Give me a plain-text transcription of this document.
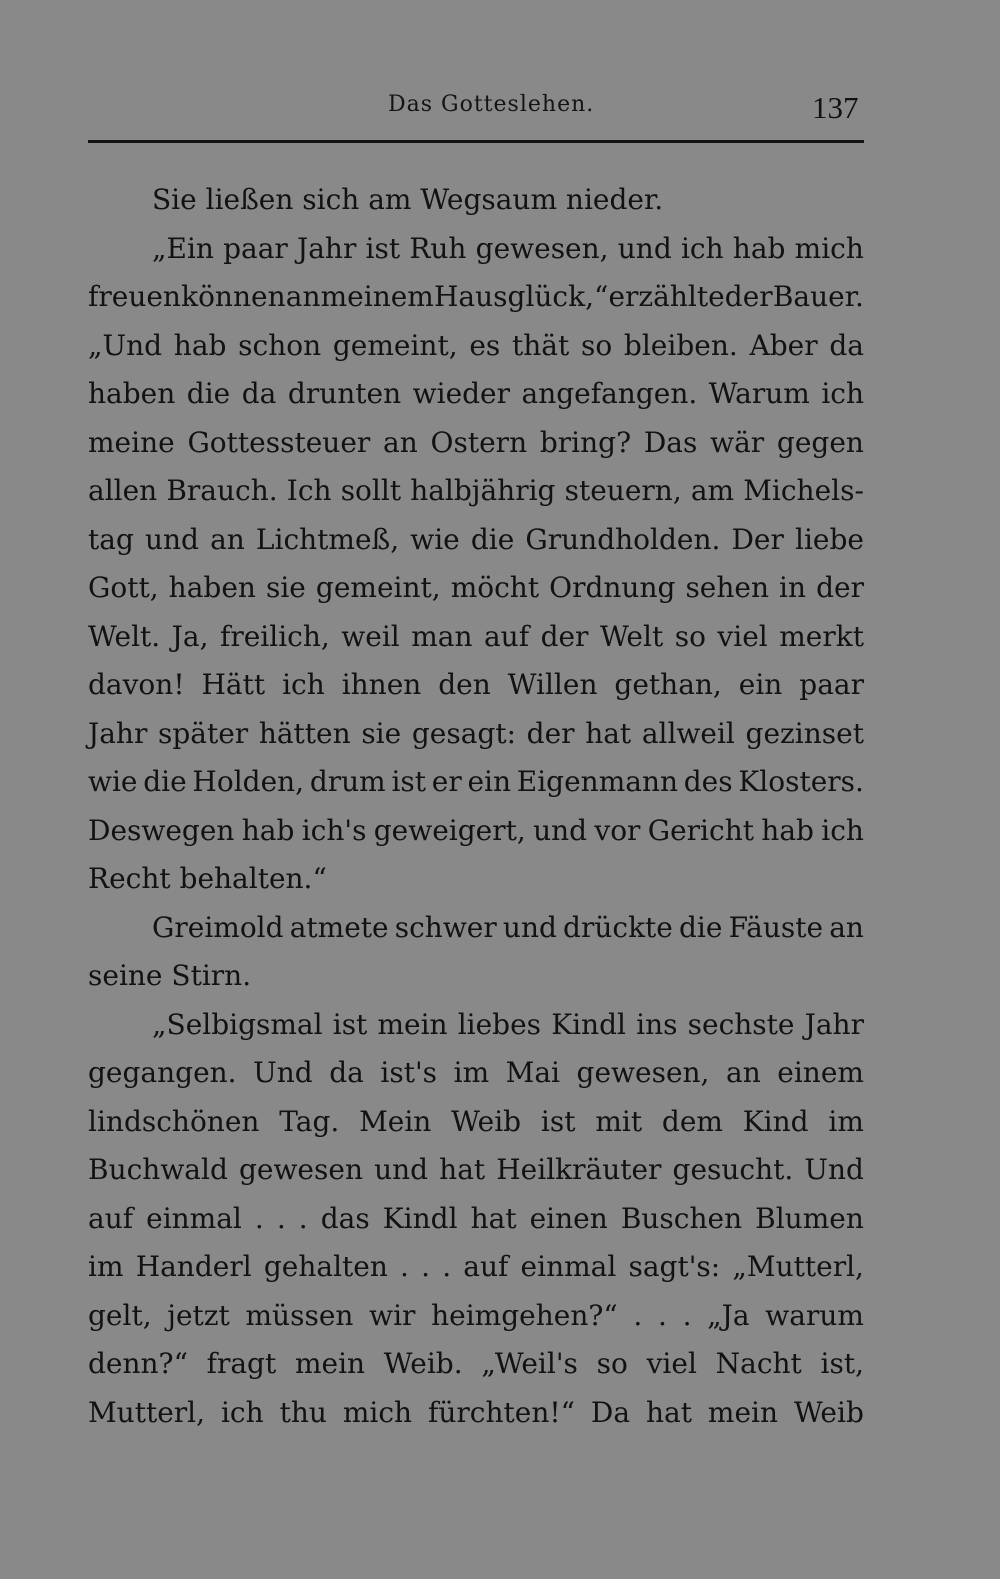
Das Gotteslehen.	137
Sie ließen sich am Wegsaum nieder.
„Ein paar Jahr ist Ruh gewesen, und ich hab mich
freuen können an meinem Hausglück,“ erzählte der Bauer.
„Und hab schon gemeint, es thät so bleiben. Aber da
haben die da drunten wieder angefangen. Warum ich
meine Gottessteuer an Ostern bring? Das wär gegen
allen Brauch. Ich sollt halbjährig steuern, am Michels-
tag und an Lichtmeß, wie die Grundholden. Der liebe
Gott, haben sie gemeint, möcht Ordnung sehen in der
Welt. Ja, freilich, weil man auf der Welt so viel merkt
davon! Hätt ich ihnen den Willen gethan, ein paar
Jahr später hätten sie gesagt: der hat allweil gezinset
wie die Holden, drum ist er ein Eigenmann des Klosters.
Deswegen hab ich's geweigert, und vor Gericht hab ich
Recht behalten.“
Greimold atmete schwer und drückte die Fäuste an
seine Stirn.
„Selbigsmal ist mein liebes Kindl ins sechste Jahr
gegangen. Und da ist's im Mai gewesen, an einem
lindschönen Tag. Mein Weib ist mit dem Kind im
Buchwald gewesen und hat Heilkräuter gesucht. Und
auf einmal . . . das Kindl hat einen Buschen Blumen
im Handerl gehalten . . . auf einmal sagt's: „Mutterl,
gelt, jetzt müssen wir heimgehen?“ . . . „Ja warum
denn?“ fragt mein Weib. „Weil's so viel Nacht ist,
Mutterl, ich thu mich fürchten!“ Da hat mein Weib
